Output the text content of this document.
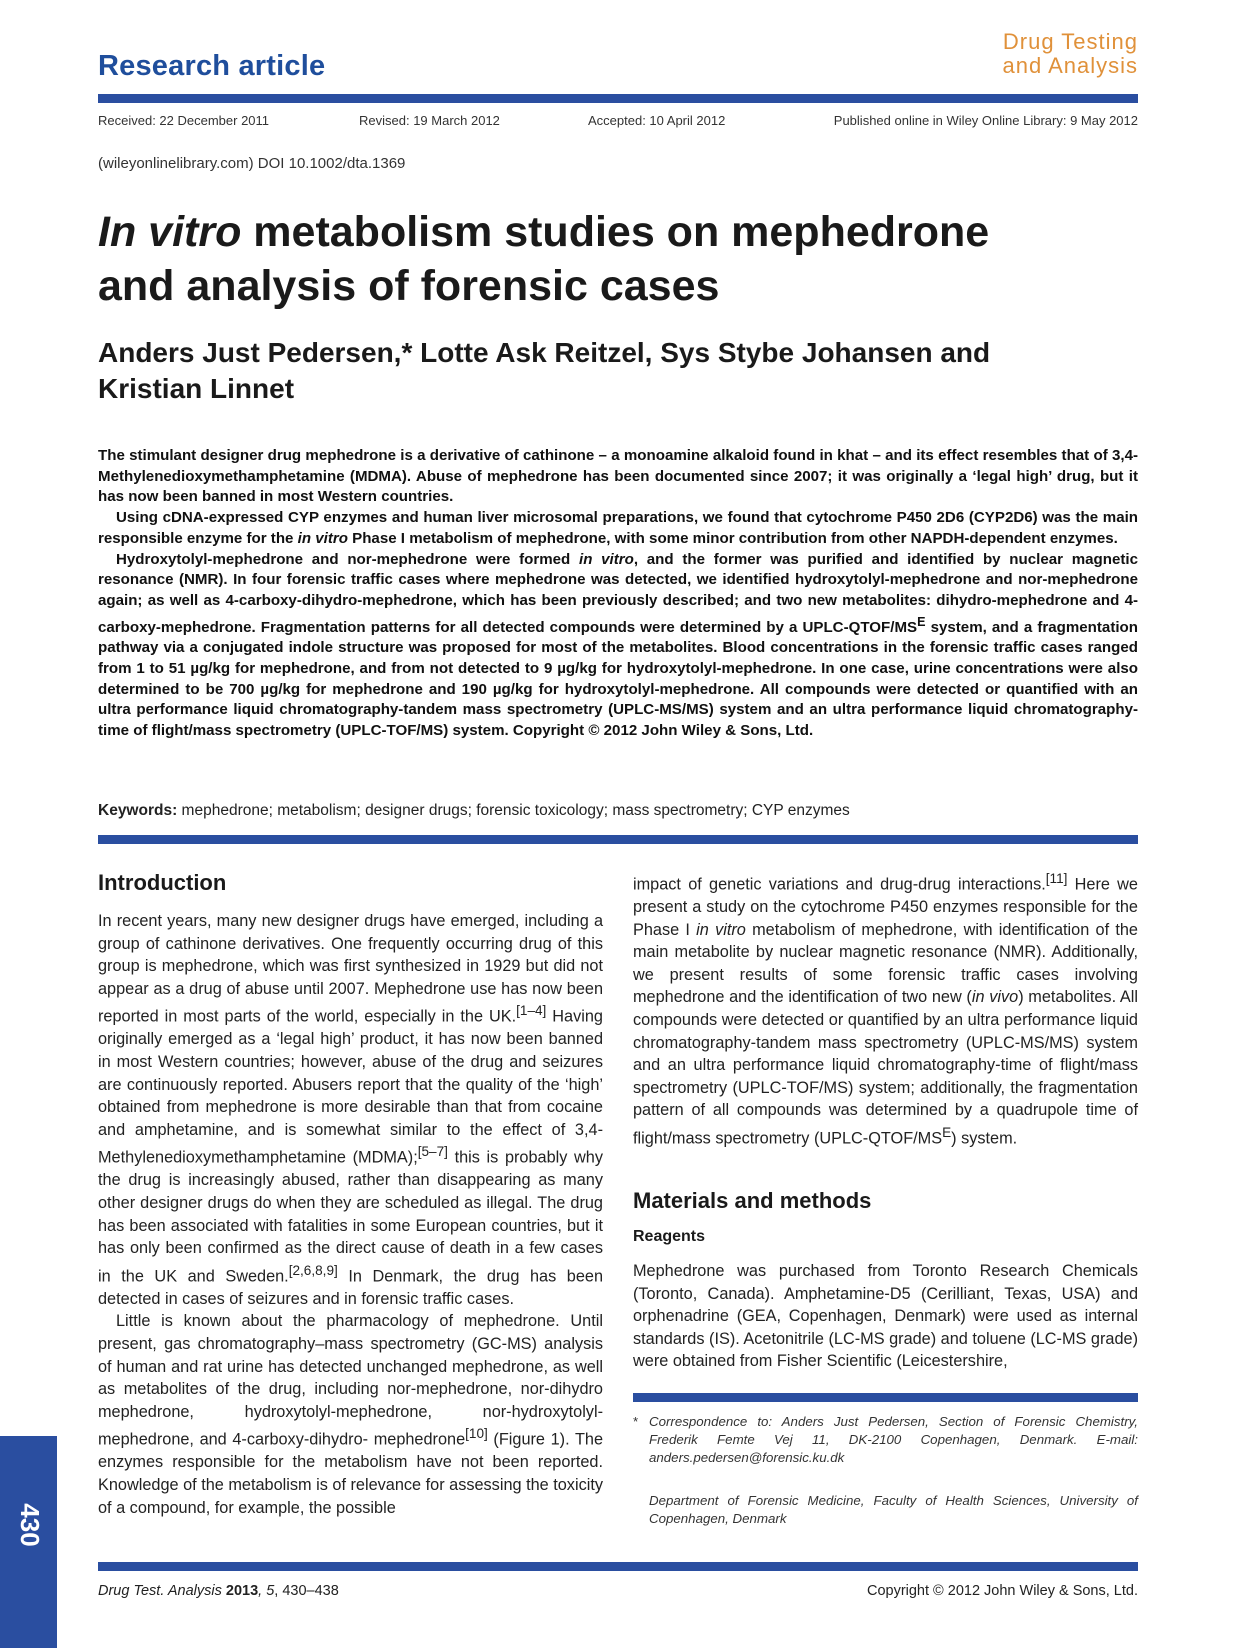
Research article
Drug Testing
and Analysis
Received: 22 December 2011	Revised: 19 March 2012	Accepted: 10 April 2012	Published online in Wiley Online Library: 9 May 2012
(wileyonlinelibrary.com) DOI 10.1002/dta.1369
In vitro metabolism studies on mephedrone
and analysis of forensic cases
Anders Just Pedersen,* Lotte Ask Reitzel, Sys Stybe Johansen and
Kristian Linnet

The stimulant designer drug mephedrone is a derivative of cathinone – a monoamine alkaloid found in khat – and its effect resembles that of 3,4-Methylenedioxymethamphetamine (MDMA). Abuse of mephedrone has been documented since 2007; it was originally a ‘legal high’ drug, but it has now been banned in most Western countries.

Using cDNA-expressed CYP enzymes and human liver microsomal preparations, we found that cytochrome P450 2D6 (CYP2D6) was the main responsible enzyme for the in vitro Phase I metabolism of mephedrone, with some minor contribution from other NAPDH-dependent enzymes.

Hydroxytolyl-mephedrone and nor-mephedrone were formed in vitro, and the former was purified and identified by nuclear magnetic resonance (NMR). In four forensic traffic cases where mephedrone was detected, we identified hydroxytolyl-mephedrone and nor-mephedrone again; as well as 4-carboxy-dihydro-mephedrone, which has been previously described; and two new metabolites: dihydro-mephedrone and 4-carboxy-mephedrone. Fragmentation patterns for all detected compounds were determined by a UPLC-$QTOF/MS^E$ system, and a fragmentation pathway via a conjugated indole structure was proposed for most of the metabolites. Blood concentrations in the forensic traffic cases ranged from 1 to 51 µg/kg for mephedrone, and from not detected to 9 µg/kg for hydroxytolyl-mephedrone. In one case, urine concentrations were also determined to be 700 µg/kg for mephedrone and 190 µg/kg for hydroxytolyl-mephedrone. All compounds were detected or quantified with an ultra performance liquid chromatography-tandem mass spectrometry (UPLC-MS/MS) system and an ultra performance liquid chromatography-time of flight/mass spectrometry (UPLC-TOF/MS) system. Copyright © 2012 John Wiley & Sons, Ltd.

Keywords: mephedrone; metabolism; designer drugs; forensic toxicology; mass spectrometry; CYP enzymes
Introduction

In recent years, many new designer drugs have emerged, including a group of cathinone derivatives. One frequently occurring drug of this group is mephedrone, which was first synthesized in 1929 but did not appear as a drug of abuse until 2007. Mephedrone use has now been reported in most parts of the world, especially in the UK.[1–4] Having originally emerged as a ‘legal high’ product, it has now been banned in most Western countries; however, abuse of the drug and seizures are continuously reported. Abusers report that the quality of the ‘high’ obtained from mephedrone is more desirable than that from cocaine and amphetamine, and is somewhat similar to the effect of 3,4-Methylenedioxymethamphetamine (MDMA);[5–7] this is probably why the drug is increasingly abused, rather than disappearing as many other designer drugs do when they are scheduled as illegal. The drug has been associated with fatalities in some European countries, but it has only been confirmed as the direct cause of death in a few cases in the UK and Sweden.[2,6,8,9] In Denmark, the drug has been detected in cases of seizures and in forensic traffic cases.

Little is known about the pharmacology of mephedrone. Until present, gas chromatography–mass spectrometry (GC-MS) analysis of human and rat urine has detected unchanged mephedrone, as well as metabolites of the drug, including nor-mephedrone, nor-dihydro mephedrone, hydroxytolyl-mephedrone, nor-hydroxytolyl-mephedrone, and 4-carboxy-dihydro- mephedrone[10] (Figure 1). The enzymes responsible for the metabolism have not been reported. Knowledge of the metabolism is of relevance for assessing the toxicity of a compound, for example, the possible

impact of genetic variations and drug-drug interactions.[11] Here we present a study on the cytochrome P450 enzymes responsible for the Phase I in vitro metabolism of mephedrone, with identification of the main metabolite by nuclear magnetic resonance (NMR). Additionally, we present results of some forensic traffic cases involving mephedrone and the identification of two new (in vivo) metabolites. All compounds were detected or quantified by an ultra performance liquid chromatography-tandem mass spectrometry (UPLC-MS/MS) system and an ultra performance liquid chromatography-time of flight/mass spectrometry (UPLC-TOF/MS) system; additionally, the fragmentation pattern of all compounds was determined by a quadrupole time of flight/mass spectrometry $(UPLC-QTOF/MS^E)$ system.

Materials and methods
Reagents

Mephedrone was purchased from Toronto Research Chemicals (Toronto, Canada). Amphetamine-D5 (Cerilliant, Texas, USA) and orphenadrine (GEA, Copenhagen, Denmark) were used as internal standards (IS). Acetonitrile (LC-MS grade) and toluene (LC-MS grade) were obtained from Fisher Scientific (Leicestershire,

* Correspondence to: Anders Just Pedersen, Section of Forensic Chemistry, Frederik Femte Vej 11, DK-2100 Copenhagen, Denmark. E-mail: anders.pedersen@forensic.ku.dk
Department of Forensic Medicine, Faculty of Health Sciences, University of Copenhagen, Denmark
430
Drug Test. Analysis 2013, 5, 430–438	Copyright © 2012 John Wiley & Sons, Ltd.
